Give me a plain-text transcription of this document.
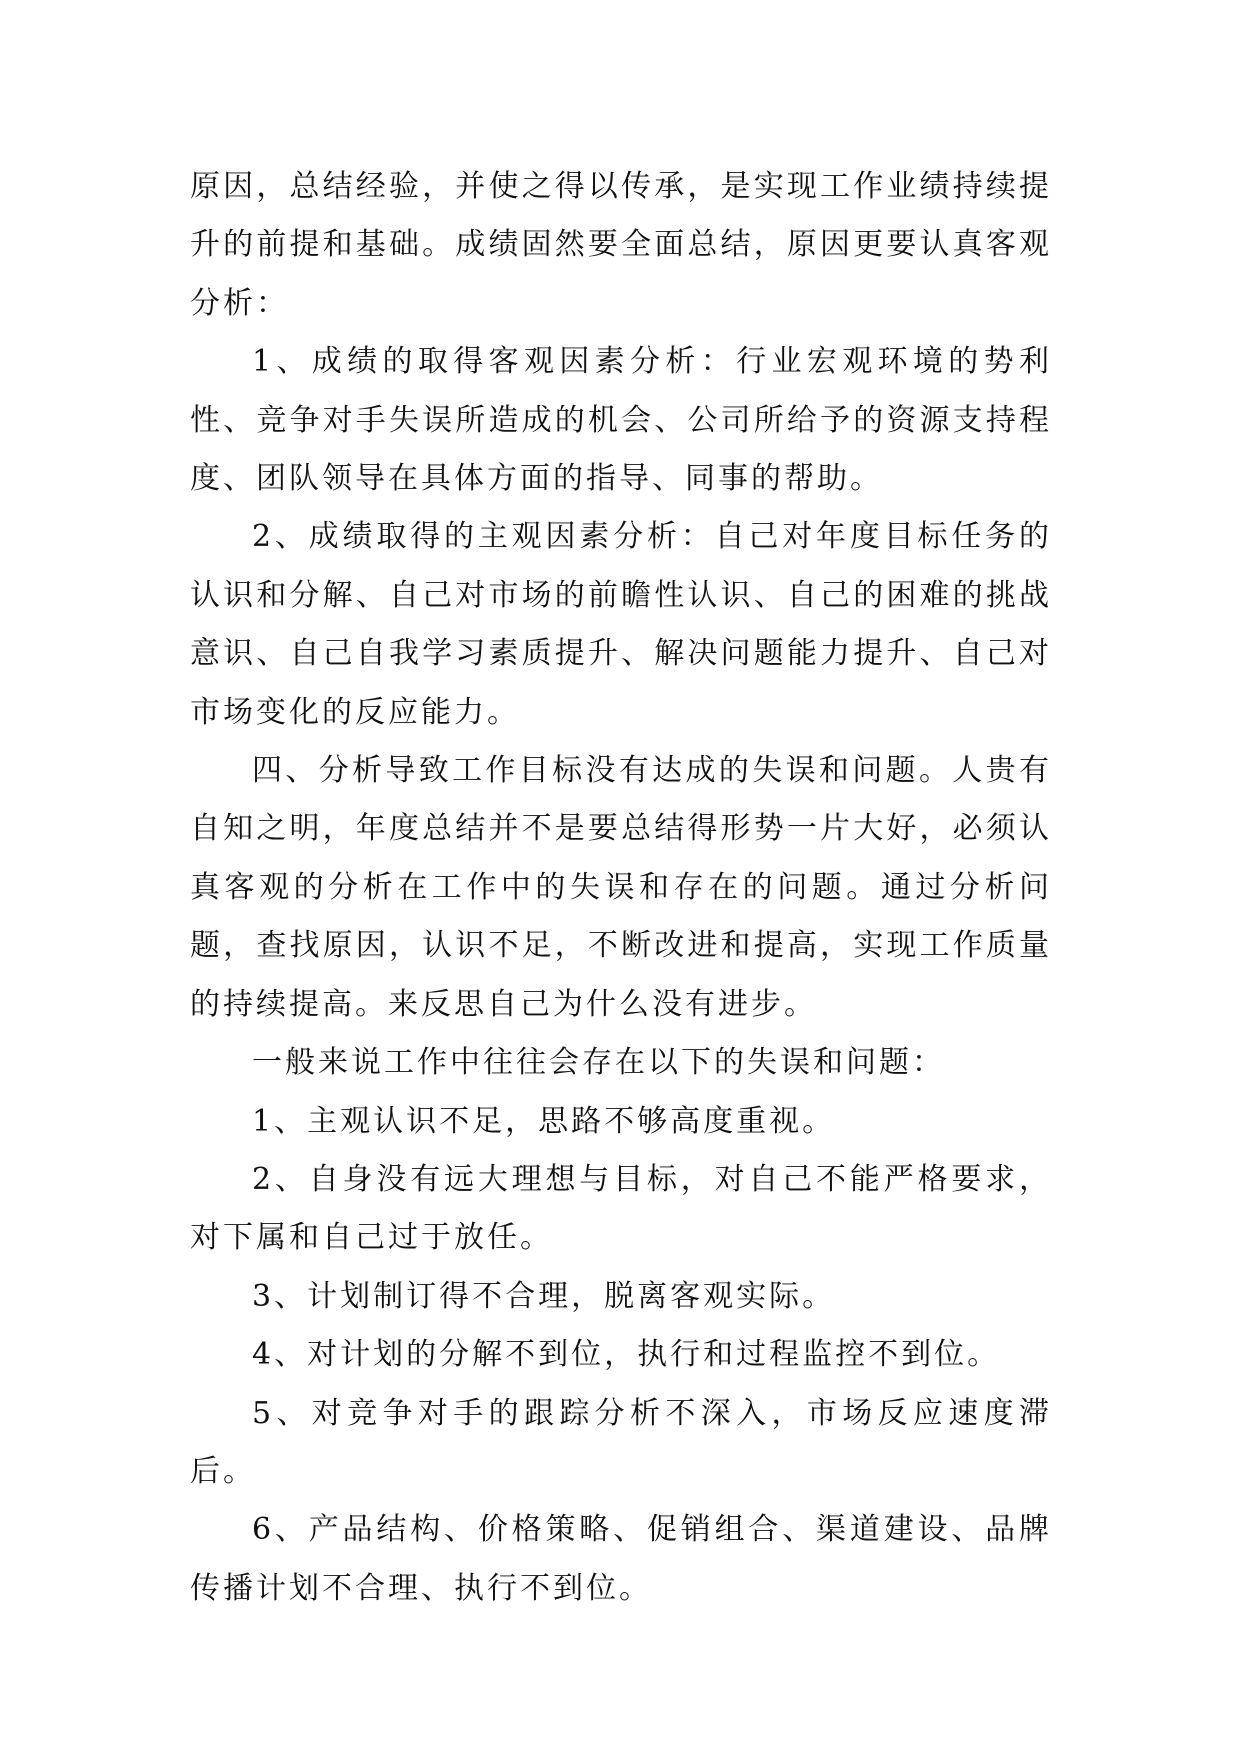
原因，总结经验，并使之得以传承，是实现工作业绩持续提升的前提和基础。成绩固然要全面总结，原因更要认真客观分析：

1、成绩的取得客观因素分析：行业宏观环境的势利性、竞争对手失误所造成的机会、公司所给予的资源支持程度、团队领导在具体方面的指导、同事的帮助。

2、成绩取得的主观因素分析：自己对年度目标任务的认识和分解、自己对市场的前瞻性认识、自己的困难的挑战意识、自己自我学习素质提升、解决问题能力提升、自己对市场变化的反应能力。

四、分析导致工作目标没有达成的失误和问题。人贵有自知之明，年度总结并不是要总结得形势一片大好，必须认真客观的分析在工作中的失误和存在的问题。通过分析问题，查找原因，认识不足，不断改进和提高，实现工作质量的持续提高。来反思自己为什么没有进步。

一般来说工作中往往会存在以下的失误和问题：

1、主观认识不足，思路不够高度重视。

2、自身没有远大理想与目标，对自己不能严格要求，对下属和自己过于放任。

3、计划制订得不合理，脱离客观实际。

4、对计划的分解不到位，执行和过程监控不到位。

5、对竞争对手的跟踪分析不深入，市场反应速度滞后。

6、产品结构、价格策略、促销组合、渠道建设、品牌传播计划不合理、执行不到位。
